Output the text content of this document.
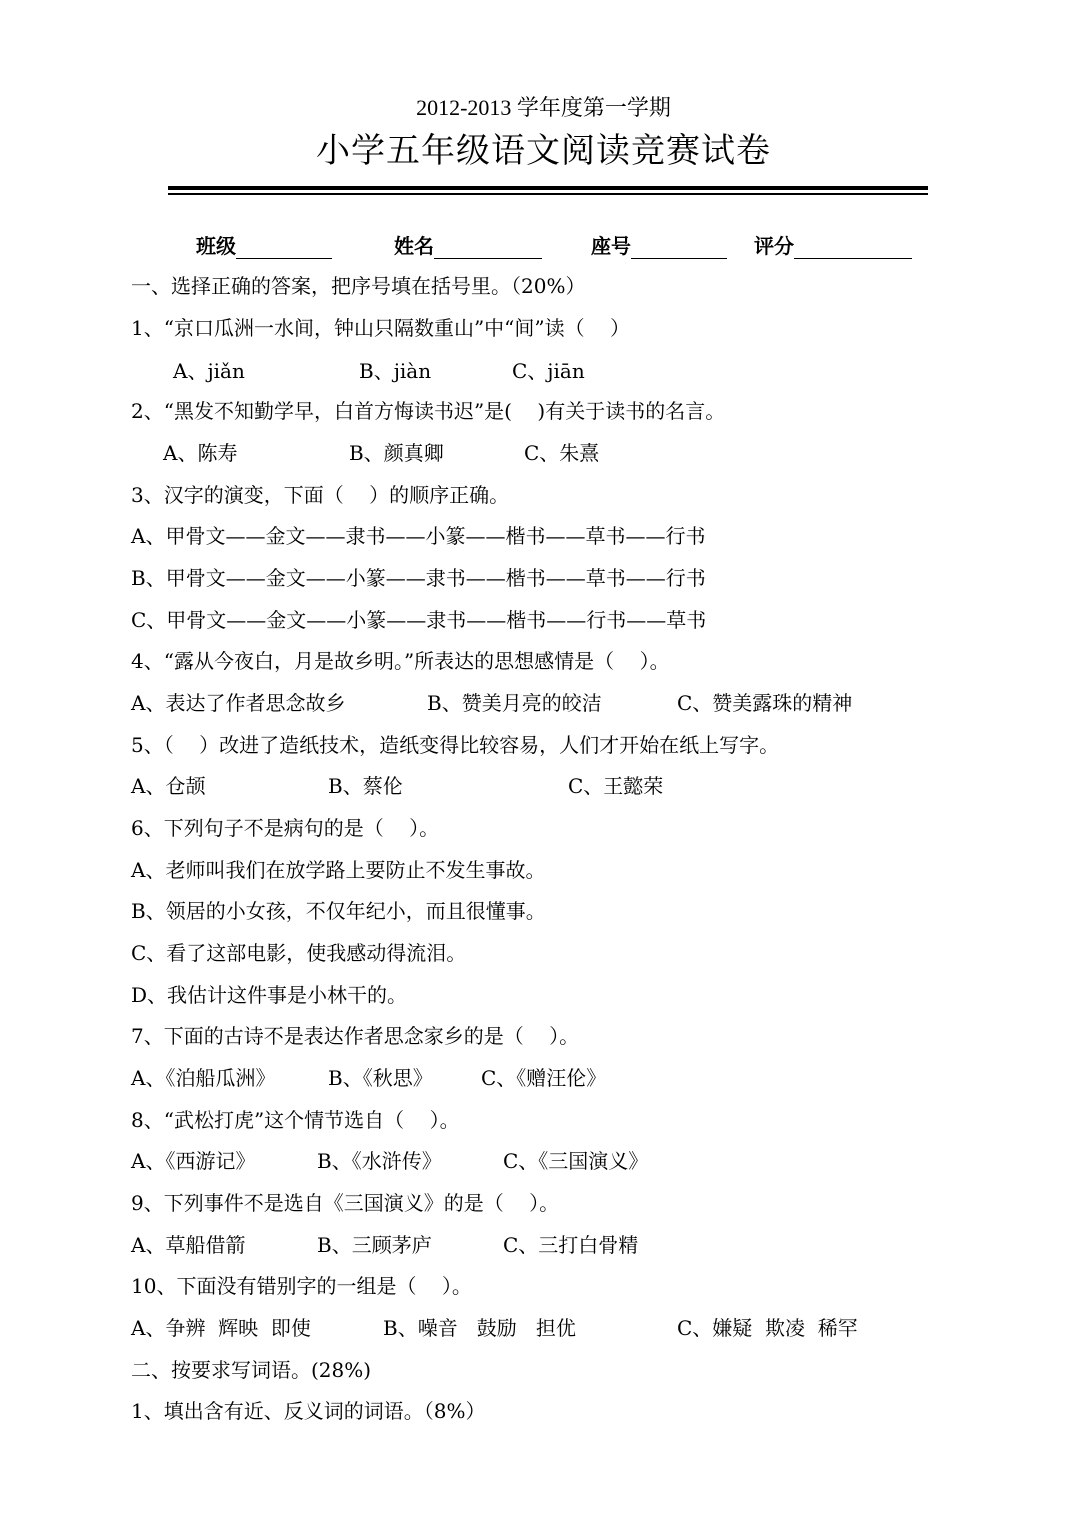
2012-2013 学年度第一学期
小学五年级语文阅读竞赛试卷
班级	姓名	座号	评分
一、选择正确的答案，把序号填在括号里。（20%）
1、“京口瓜洲一水间，钟山只隔数重山”中“间”读（    ）
A、jiǎn	B、jiàn	C、jiān
2、“黑发不知勤学早，白首方悔读书迟”是(    )有关于读书的名言。
A、陈寿	B、颜真卿	C、朱熹
3、汉字的演变，下面（    ）的顺序正确。
A、甲骨文——金文——隶书——小篆——楷书——草书——行书
B、甲骨文——金文——小篆——隶书——楷书——草书——行书
C、甲骨文——金文——小篆——隶书——楷书——行书——草书
4、“露从今夜白，月是故乡明。”所表达的思想感情是（    ）。
A、表达了作者思念故乡	B、赞美月亮的皎洁	C、赞美露珠的精神
5、（    ）改进了造纸技术，造纸变得比较容易，人们才开始在纸上写字。
A、仓颉	B、蔡伦	C、王懿荣
6、下列句子不是病句的是（    ）。
A、老师叫我们在放学路上要防止不发生事故。
B、领居的小女孩，不仅年纪小，而且很懂事。
C、看了这部电影，使我感动得流泪。
D、我估计这件事是小林干的。
7、下面的古诗不是表达作者思念家乡的是（    ）。
A、《泊船瓜洲》	B、《秋思》 C、《赠汪伦》
8、“武松打虎”这个情节选自（    ）。
A、《西游记》	B、《水浒传》	C、《三国演义》
9、下列事件不是选自《三国演义》的是（    ）。
A、草船借箭	B、三顾茅庐	C、三打白骨精
10、下面没有错别字的一组是（    ）。
A、争辨  辉映  即使	B、噪音   鼓励   担优	C、嫌疑  欺凌  稀罕
二、按要求写词语。(28%)
1、填出含有近、反义词的词语。（8%）
